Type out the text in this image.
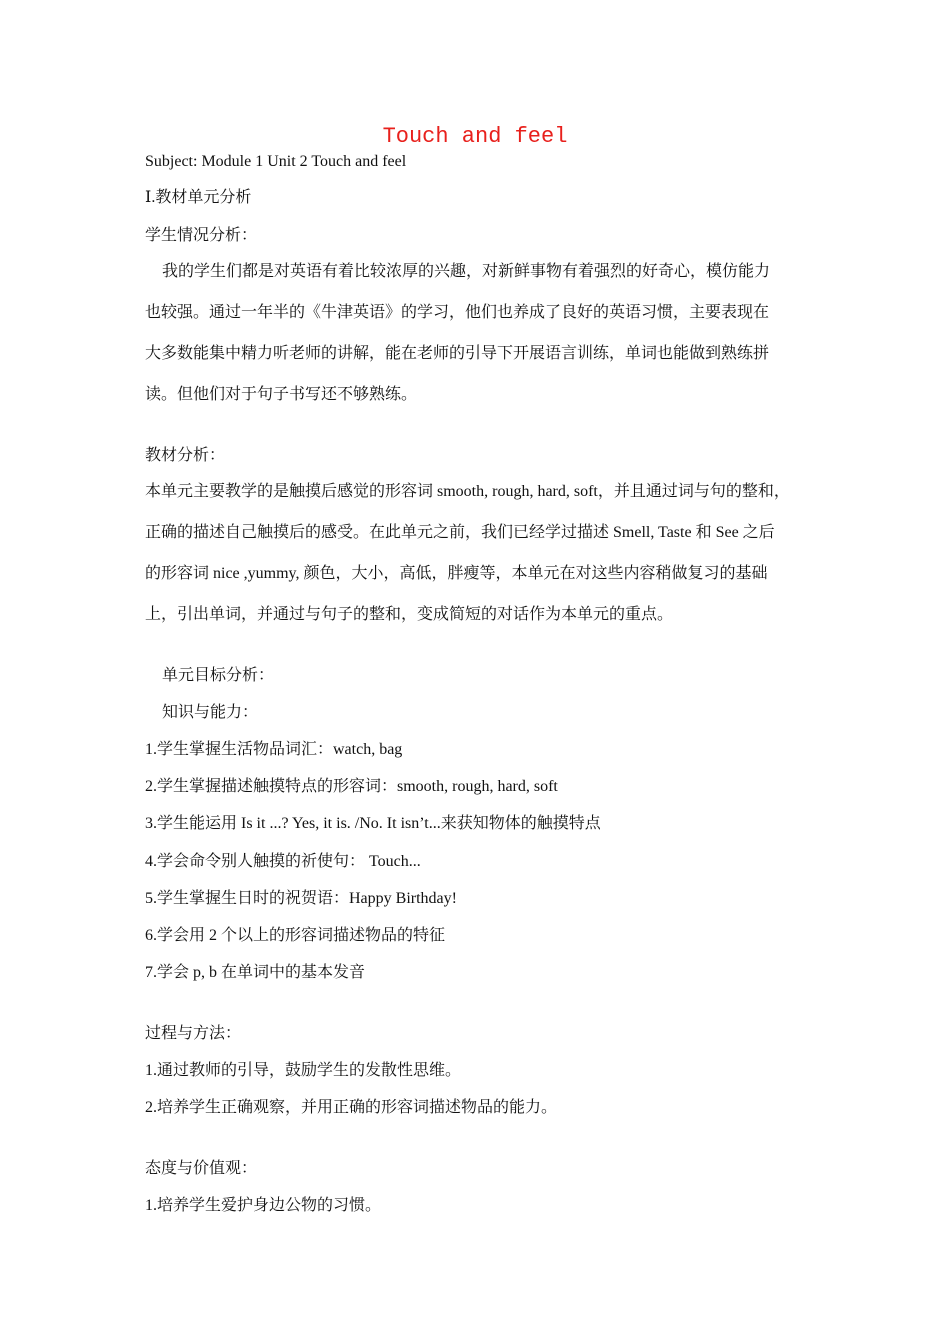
Touch and feel
Subject: Module 1 Unit 2 Touch and feel
Ⅰ.教材单元分析
学生情况分析：
我的学生们都是对英语有着比较浓厚的兴趣，对新鲜事物有着强烈的好奇心，模仿能力
也较强。通过一年半的《牛津英语》的学习，他们也养成了良好的英语习惯，主要表现在
大多数能集中精力听老师的讲解，能在老师的引导下开展语言训练，单词也能做到熟练拼
读。但他们对于句子书写还不够熟练。
教材分析：
本单元主要教学的是触摸后感觉的形容词 smooth, rough, hard, soft，并且通过词与句的整和，
正确的描述自己触摸后的感受。在此单元之前，我们已经学过描述 Smell, Taste 和 See 之后
的形容词 nice ,yummy, 颜色，大小，高低，胖瘦等，本单元在对这些内容稍做复习的基础
上，引出单词，并通过与句子的整和，变成简短的对话作为本单元的重点。
单元目标分析：
知识与能力：
1.学生掌握生活物品词汇：watch, bag
2.学生掌握描述触摸特点的形容词：smooth, rough, hard, soft
3.学生能运用 Is it ...? Yes, it is. /No. It isn’t...来获知物体的触摸特点
4.学会命令别人触摸的祈使句： Touch...
5.学生掌握生日时的祝贺语：Happy Birthday!
6.学会用 2 个以上的形容词描述物品的特征
7.学会 p, b 在单词中的基本发音
过程与方法：
1.通过教师的引导，鼓励学生的发散性思维。
2.培养学生正确观察，并用正确的形容词描述物品的能力。
态度与价值观：
1.培养学生爱护身边公物的习惯。
